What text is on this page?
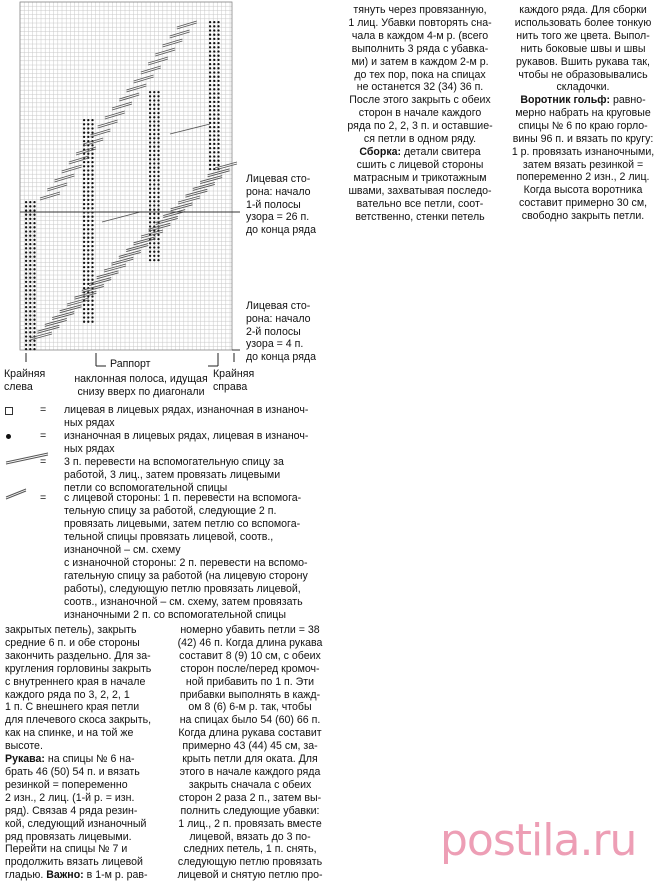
Лицевая сто-
рона: начало
1-й полосы
узора = 26 п.
до конца ряда
Лицевая сто-
рона: начало
2-й полосы
узора = 4 п.
до конца ряда
Крайняя
слева
Крайняя
справа
Раппорт
наклонная полоса, идущая
снизу вверх по диагонали
= лицевая в лицевых рядах, изнаночная в изнаноч-
ных рядах
= изнаночная в лицевых рядах, лицевая в изнаноч-
ных рядах
= 3 п. перевести на вспомогательную спицу за
работой, 3 лиц., затем провязать лицевыми
петли со вспомогательной спицы
= с лицевой стороны: 1 п. перевести на вспомога-
тельную спицу за работой, следующие 2 п.
провязать лицевыми, затем петлю со вспомога-
тельной спицы провязать лицевой, соотв.,
изнаночной – см. схему
с изнаночной стороны: 2 п. перевести на вспомо-
гательную спицу за работой (на лицевую сторону
работы), следующую петлю провязать лицевой,
соотв., изнаночной – см. схему, затем провязать
изнаночными 2 п. со вспомогательной спицы
тянуть через провязанную,
1 лиц. Убавки повторять сна-
чала в каждом 4-м р. (всего
выполнить 3 ряда с убавка-
ми) и затем в каждом 2-м р.
до тех пор, пока на спицах
не останется 32 (34) 36 п.
После этого закрыть с обеих
сторон в начале каждого
ряда по 2, 2, 3 п. и оставшие-
ся петли в одном ряду.
Сборка: детали свитера
сшить с лицевой стороны
матрасным и трикотажным
швами, захватывая последо-
вательно все петли, соот-
ветственно, стенки петель
каждого ряда. Для сборки
использовать более тонкую
нить того же цвета. Выпол-
нить боковые швы и швы
рукавов. Вшить рукава так,
чтобы не образовывались
складочки.
Воротник гольф: равно-
мерно набрать на круговые
спицы № 6 по краю горло-
вины 96 п. и вязать по кругу:
1 р. провязать изнаночными,
затем вязать резинкой =
попеременно 2 изн., 2 лиц.
Когда высота воротника
составит примерно 30 см,
свободно закрыть петли.
закрытых петель), закрыть
средние 6 п. и обе стороны
закончить раздельно. Для за-
кругления горловины закрыть
с внутреннего края в начале
каждого ряда по 3, 2, 2, 1
1 п. С внешнего края петли
для плечевого скоса закрыть,
как на спинке, и на той же
высоте.
Рукава: на спицы № 6 на-
брать 46 (50) 54 п. и вязать
резинкой = попеременно
2 изн., 2 лиц. (1-й р. = изн.
ряд). Связав 4 ряда резин-
кой, следующий изнаночный
ряд провязать лицевыми.
Перейти на спицы № 7 и
продолжить вязать лицевой
гладью. Важно: в 1-м р. рав-
номерно убавить петли = 38
(42) 46 п. Когда длина рукава
составит 8 (9) 10 см, с обеих
сторон после/перед кромоч-
ной прибавить по 1 п. Эти
прибавки выполнять в кажд-
ом 8 (6) 6-м р. так, чтобы
на спицах было 54 (60) 66 п.
Когда длина рукава составит
примерно 43 (44) 45 см, за-
крыть петли для оката. Для
этого в начале каждого ряда
закрыть сначала с обеих
сторон 2 раза 2 п., затем вы-
полнить следующие убавки:
1 лиц., 2 п. провязать вместе
лицевой, вязать до 3 по-
следних петель, 1 п. снять,
следующую петлю провязать
лицевой и снятую петлю про-
postila.ru
